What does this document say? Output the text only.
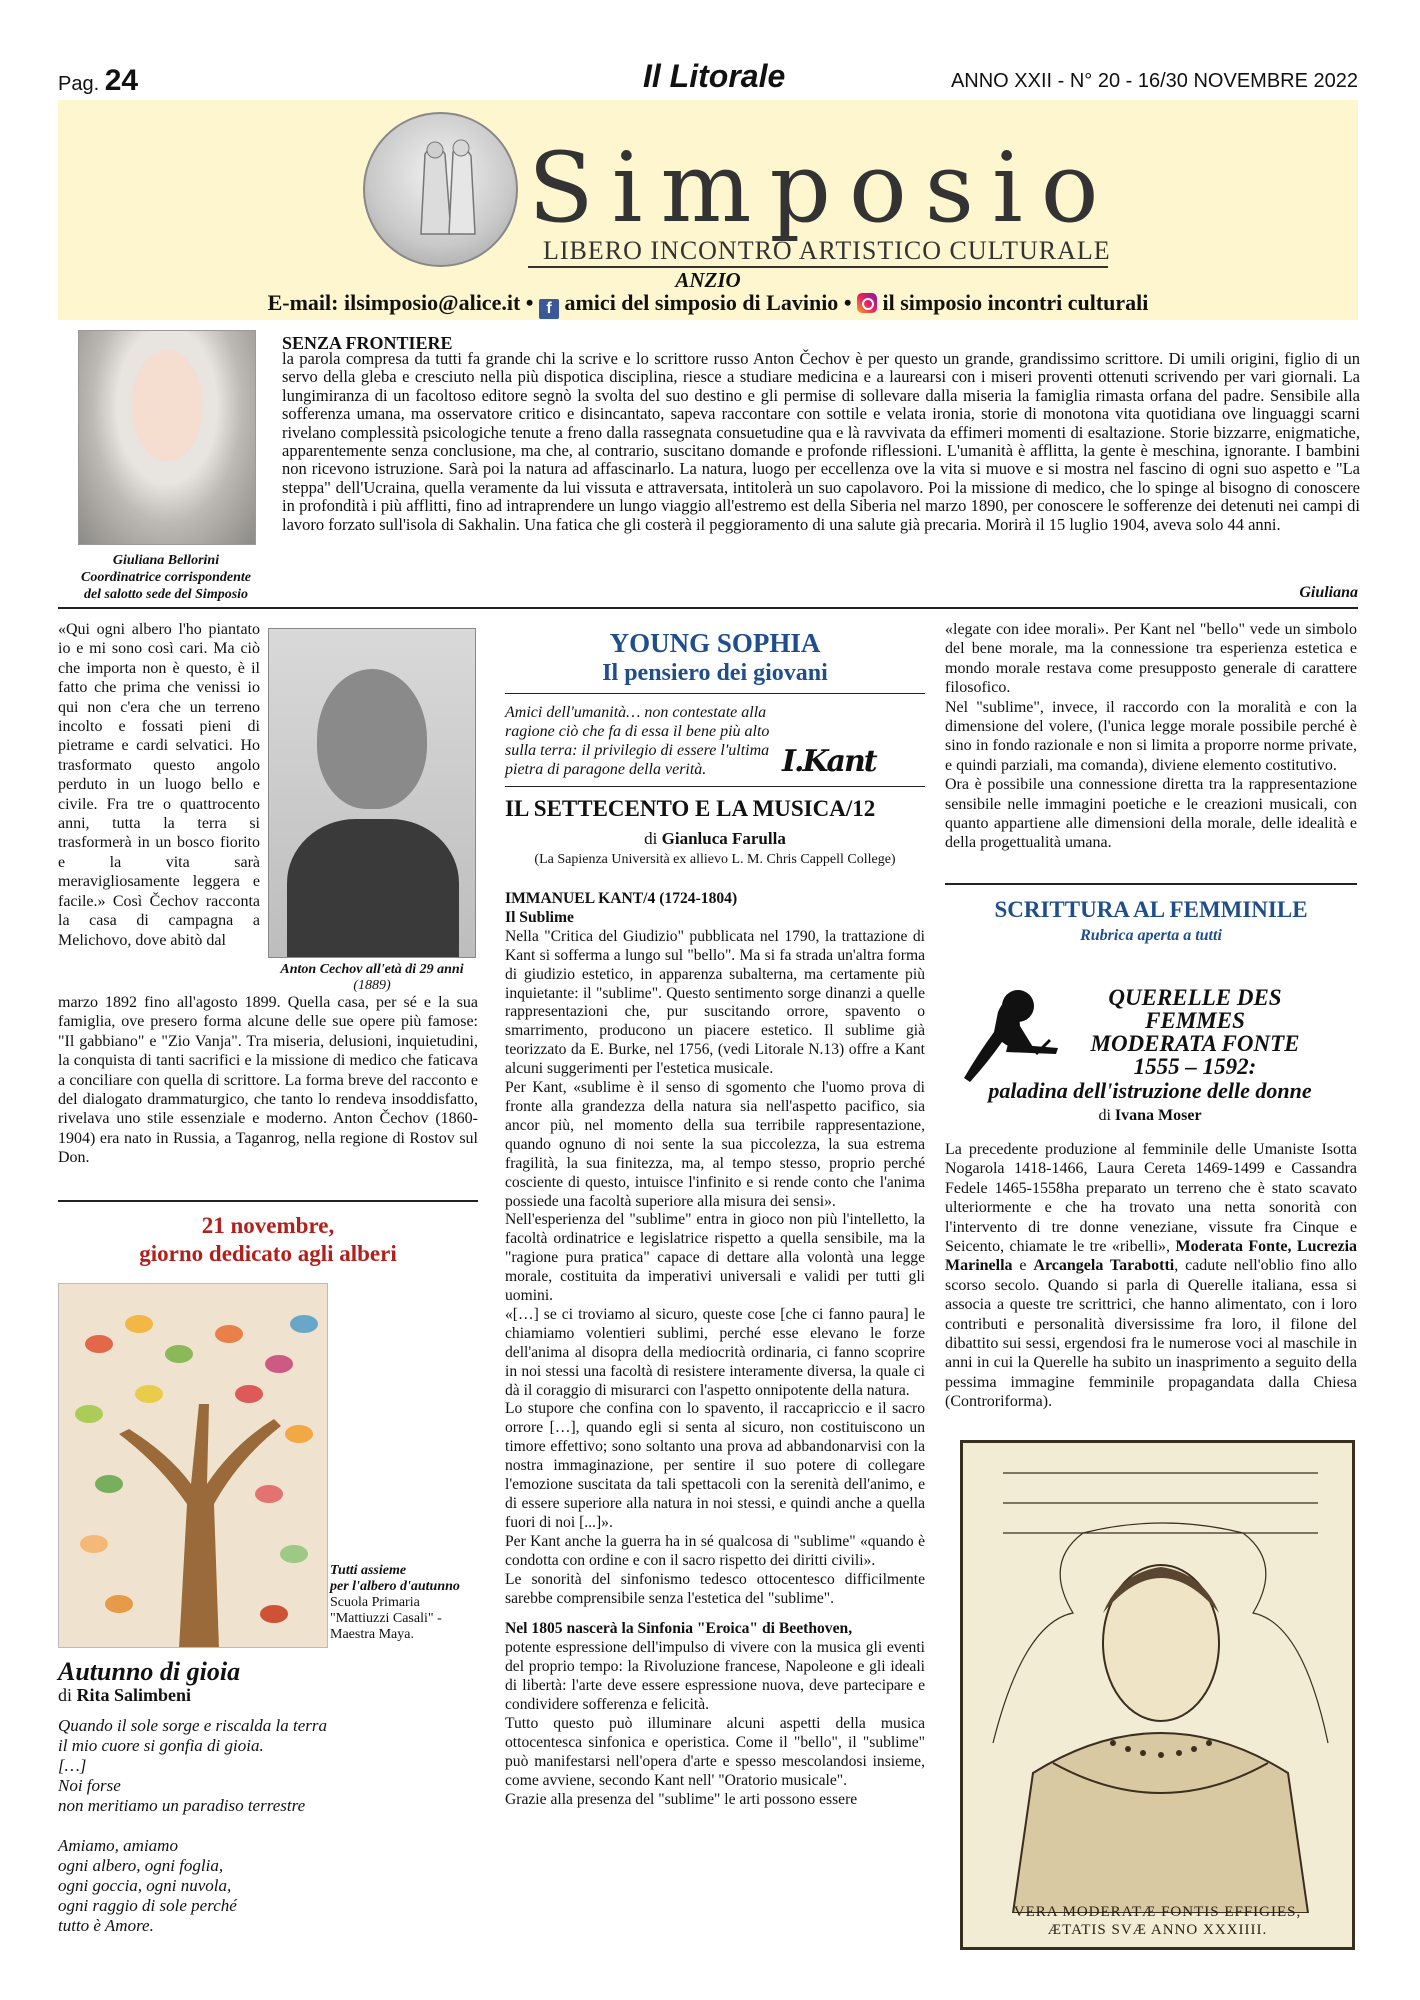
Pag. 24	Il Litorale	ANNO XXII - N° 20 - 16/30 NOVEMBRE 2022
Simposio
LIBERO INCONTRO ARTISTICO CULTURALE
ANZIO
E-mail: ilsimposio@alice.it • f amici del simposio di Lavinio • il simposio incontri culturali
Giuliana Bellorini
Coordinatrice corrispondente
del salotto sede del Simposio
SENZA FRONTIERE
la parola compresa da tutti fa grande chi la scrive e lo scrittore russo Anton Čechov è per questo un grande, grandissimo scrittore. Di umili origini, figlio di un servo della gleba e cresciuto nella più dispotica disciplina, riesce a studiare medicina e a laurearsi con i miseri proventi ottenuti scrivendo per vari giornali. La lungimiranza di un facoltoso editore segnò la svolta del suo destino e gli permise di sollevare dalla miseria la famiglia rimasta orfana del padre. Sensibile alla sofferenza umana, ma osservatore critico e disincantato, sapeva raccontare con sottile e velata ironia, storie di monotona vita quotidiana ove linguaggi scarni rivelano complessità psicologiche tenute a freno dalla rassegnata consuetudine qua e là ravvivata da effimeri momenti di esaltazione. Storie bizzarre, enigmatiche, apparentemente senza conclusione, ma che, al contrario, suscitano domande e profonde riflessioni. L'umanità è afflitta, la gente è meschina, ignorante. I bambini non ricevono istruzione. Sarà poi la natura ad affascinarlo. La natura, luogo per eccellenza ove la vita si muove e si mostra nel fascino di ogni suo aspetto e "La steppa" dell'Ucraina, quella veramente da lui vissuta e attraversata, intitolerà un suo capolavoro. Poi la missione di medico, che lo spinge al bisogno di conoscere in profondità i più afflitti, fino ad intraprendere un lungo viaggio all'estremo est della Siberia nel marzo 1890, per conoscere le sofferenze dei detenuti nei campi di lavoro forzato sull'isola di Sakhalin. Una fatica che gli costerà il peggioramento di una salute già precaria. Morirà il 15 luglio 1904, aveva solo 44 anni.
Giuliana
«Qui ogni albero l'ho piantato io e mi sono così cari. Ma ciò che importa non è questo, è il fatto che prima che venissi io qui non c'era che un terreno incolto e fossati pieni di pietrame e cardi selvatici. Ho trasformato questo angolo perduto in un luogo bello e civile. Fra tre o quattrocento anni, tutta la terra si trasformerà in un bosco fiorito e la vita sarà meravigliosamente leggera e facile.» Così Čechov racconta la casa di campagna a Melichovo, dove abitò dal
Anton Cechov all'età di 29 anni
(1889)
marzo 1892 fino all'agosto 1899. Quella casa, per sé e la sua famiglia, ove presero forma alcune delle sue opere più famose: "Il gabbiano" e "Zio Vanja". Tra miseria, delusioni, inquietudini, la conquista di tanti sacrifici e la missione di medico che faticava a conciliare con quella di scrittore. La forma breve del racconto e del dialogato drammaturgico, che tanto lo rendeva insoddisfatto, rivelava uno stile essenziale e moderno. Anton Čechov (1860-1904) era nato in Russia, a Taganrog, nella regione di Rostov sul Don.
21 novembre,
giorno dedicato agli alberi
Tutti assieme
per l'albero d'autunno
Scuola Primaria "Mattiuzzi Casali" - Maestra Maya.
Autunno di gioia
di Rita Salimbeni
Quando il sole sorge e riscalda la terra
il mio cuore si gonfia di gioia.
[…]
Noi forse
non meritiamo un paradiso terrestre
Amiamo, amiamo
ogni albero, ogni foglia,
ogni goccia, ogni nuvola,
ogni raggio di sole perché
tutto è Amore.
YOUNG SOPHIA
Il pensiero dei giovani
Amici dell'umanità… non contestate alla ragione ciò che fa di essa il bene più alto sulla terra: il privilegio di essere l'ultima pietra di paragone della verità.	I.Kant
IL SETTECENTO E LA MUSICA/12
di Gianluca Farulla
(La Sapienza Università ex allievo L. M. Chris Cappell College)

IMMANUEL KANT/4 (1724-1804)

Il Sublime

Nella "Critica del Giudizio" pubblicata nel 1790, la trattazione di Kant si sofferma a lungo sul "bello". Ma si fa strada un'altra forma di giudizio estetico, in apparenza subalterna, ma certamente più inquietante: il "sublime". Questo sentimento sorge dinanzi a quelle rappresentazioni che, pur suscitando orrore, spavento o smarrimento, producono un piacere estetico. Il sublime già teorizzato da E. Burke, nel 1756, (vedi Litorale N.13) offre a Kant alcuni suggerimenti per l'estetica musicale.

Per Kant, «sublime è il senso di sgomento che l'uomo prova di fronte alla grandezza della natura sia nell'aspetto pacifico, sia ancor più, nel momento della sua terribile rappresentazione, quando ognuno di noi sente la sua piccolezza, la sua estrema fragilità, la sua finitezza, ma, al tempo stesso, proprio perché cosciente di questo, intuisce l'infinito e si rende conto che l'anima possiede una facoltà superiore alla misura dei sensi».

Nell'esperienza del "sublime" entra in gioco non più l'intelletto, la facoltà ordinatrice e legislatrice rispetto a quella sensibile, ma la "ragione pura pratica" capace di dettare alla volontà una legge morale, costituita da imperativi universali e validi per tutti gli uomini.

«[…] se ci troviamo al sicuro, queste cose [che ci fanno paura] le chiamiamo volentieri sublimi, perché esse elevano le forze dell'anima al disopra della mediocrità ordinaria, ci fanno scoprire in noi stessi una facoltà di resistere interamente diversa, la quale ci dà il coraggio di misurarci con l'aspetto onnipotente della natura.

Lo stupore che confina con lo spavento, il raccapriccio e il sacro orrore […], quando egli si senta al sicuro, non costituiscono un timore effettivo; sono soltanto una prova ad abbandonarvisi con la nostra immaginazione, per sentire il suo potere di collegare l'emozione suscitata da tali spettacoli con la serenità dell'animo, e di essere superiore alla natura in noi stessi, e quindi anche a quella fuori di noi [...]».

Per Kant anche la guerra ha in sé qualcosa di "sublime" «quando è condotta con ordine e con il sacro rispetto dei diritti civili».

Le sonorità del sinfonismo tedesco ottocentesco difficilmente sarebbe comprensibile senza l'estetica del "sublime".

Nel 1805 nascerà la Sinfonia "Eroica" di Beethoven,

potente espressione dell'impulso di vivere con la musica gli eventi del proprio tempo: la Rivoluzione francese, Napoleone e gli ideali di libertà: l'arte deve essere espressione nuova, deve partecipare e condividere sofferenza e felicità.

Tutto questo può illuminare alcuni aspetti della musica ottocentesca sinfonica e operistica. Come il "bello", il "sublime" può manifestarsi nell'opera d'arte e spesso mescolandosi insieme, come avviene, secondo Kant nell' "Oratorio musicale".

Grazie alla presenza del "sublime" le arti possono essere

«legate con idee morali». Per Kant nel "bello" vede un simbolo del bene morale, ma la connessione tra esperienza estetica e mondo morale restava come presupposto generale di carattere filosofico.

Nel "sublime", invece, il raccordo con la moralità e con la dimensione del volere, (l'unica legge morale possibile perché è sino in fondo razionale e non si limita a proporre norme private, e quindi parziali, ma comanda), diviene elemento costitutivo.

Ora è possibile una connessione diretta tra la rappresentazione sensibile nelle immagini poetiche e le creazioni musicali, con quanto appartiene alle dimensioni della morale, delle idealità e della progettualità umana.

SCRITTURA AL FEMMINILE
Rubrica aperta a tutti
QUERELLE DES
FEMMES
MODERATA FONTE
1555 – 1592:
paladina dell'istruzione delle donne
di Ivana Moser
La precedente produzione al femminile delle Umaniste Isotta Nogarola 1418-1466, Laura Cereta 1469-1499 e Cassandra Fedele 1465-1558ha preparato un terreno che è stato scavato ulteriormente e che ha trovato una netta sonorità con l'intervento di tre donne veneziane, vissute fra Cinque e Seicento, chiamate le tre «ribelli», Moderata Fonte, Lucrezia Marinella e Arcangela Tarabotti, cadute nell'oblio fino allo scorso secolo. Quando si parla di Querelle italiana, essa si associa a queste tre scrittrici, che hanno alimentato, con i loro contributi e personalità diversissime fra loro, il filone del dibattito sui sessi, ergendosi fra le numerose voci al maschile in anni in cui la Querelle ha subito un inasprimento a seguito della pessima immagine femminile propagandata dalla Chiesa (Controriforma).
VERA MODERATÆ FONTIS EFFIGIES,
ÆTATIS SVÆ ANNO XXXIIII.
